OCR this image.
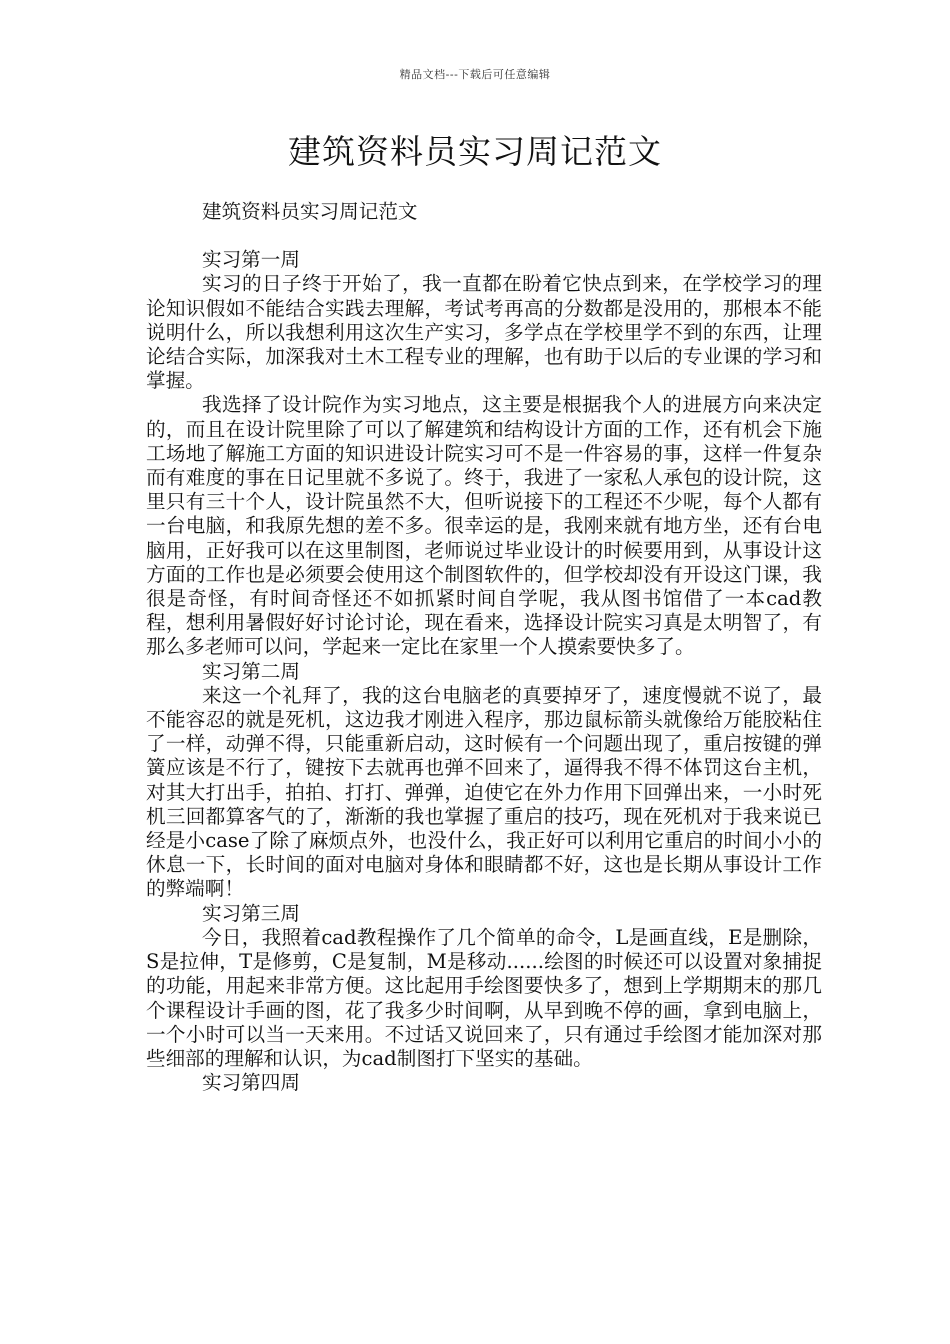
精品文档---下载后可任意编辑
建筑资料员实习周记范文

建筑资料员实习周记范文

实习第一周

实习的日子终于开始了，我一直都在盼着它快点到来，在学校学习的理论知识假如不能结合实践去理解，考试考再高的分数都是没用的，那根本不能说明什么，所以我想利用这次生产实习，多学点在学校里学不到的东西，让理论结合实际，加深我对土木工程专业的理解，也有助于以后的专业课的学习和掌握。

我选择了设计院作为实习地点，这主要是根据我个人的进展方向来决定的，而且在设计院里除了可以了解建筑和结构设计方面的工作，还有机会下施工场地了解施工方面的知识进设计院实习可不是一件容易的事，这样一件复杂而有难度的事在日记里就不多说了。终于，我进了一家私人承包的设计院，这里只有三十个人，设计院虽然不大，但听说接下的工程还不少呢，每个人都有一台电脑，和我原先想的差不多。很幸运的是，我刚来就有地方坐，还有台电脑用，正好我可以在这里制图，老师说过毕业设计的时候要用到，从事设计这方面的工作也是必须要会使用这个制图软件的，但学校却没有开设这门课，我很是奇怪，有时间奇怪还不如抓紧时间自学呢，我从图书馆借了一本cad教程，想利用暑假好好讨论讨论，现在看来，选择设计院实习真是太明智了，有那么多老师可以问，学起来一定比在家里一个人摸索要快多了。

实习第二周

来这一个礼拜了，我的这台电脑老的真要掉牙了，速度慢就不说了，最不能容忍的就是死机，这边我才刚进入程序，那边鼠标箭头就像给万能胶粘住了一样，动弹不得，只能重新启动，这时候有一个问题出现了，重启按键的弹簧应该是不行了，键按下去就再也弹不回来了，逼得我不得不体罚这台主机，对其大打出手，拍拍、打打、弹弹，迫使它在外力作用下回弹出来，一小时死机三回都算客气的了，渐渐的我也掌握了重启的技巧，现在死机对于我来说已经是小case了除了麻烦点外，也没什么，我正好可以利用它重启的时间小小的休息一下，长时间的面对电脑对身体和眼睛都不好，这也是长期从事设计工作的弊端啊！

实习第三周

今日，我照着cad教程操作了几个简单的命令，L是画直线，E是删除，S是拉伸，T是修剪，C是复制，M是移动......绘图的时候还可以设置对象捕捉的功能，用起来非常方便。这比起用手绘图要快多了，想到上学期期末的那几个课程设计手画的图，花了我多少时间啊，从早到晚不停的画，拿到电脑上，一个小时可以当一天来用。不过话又说回来了，只有通过手绘图才能加深对那些细部的理解和认识，为cad制图打下坚实的基础。

实习第四周
